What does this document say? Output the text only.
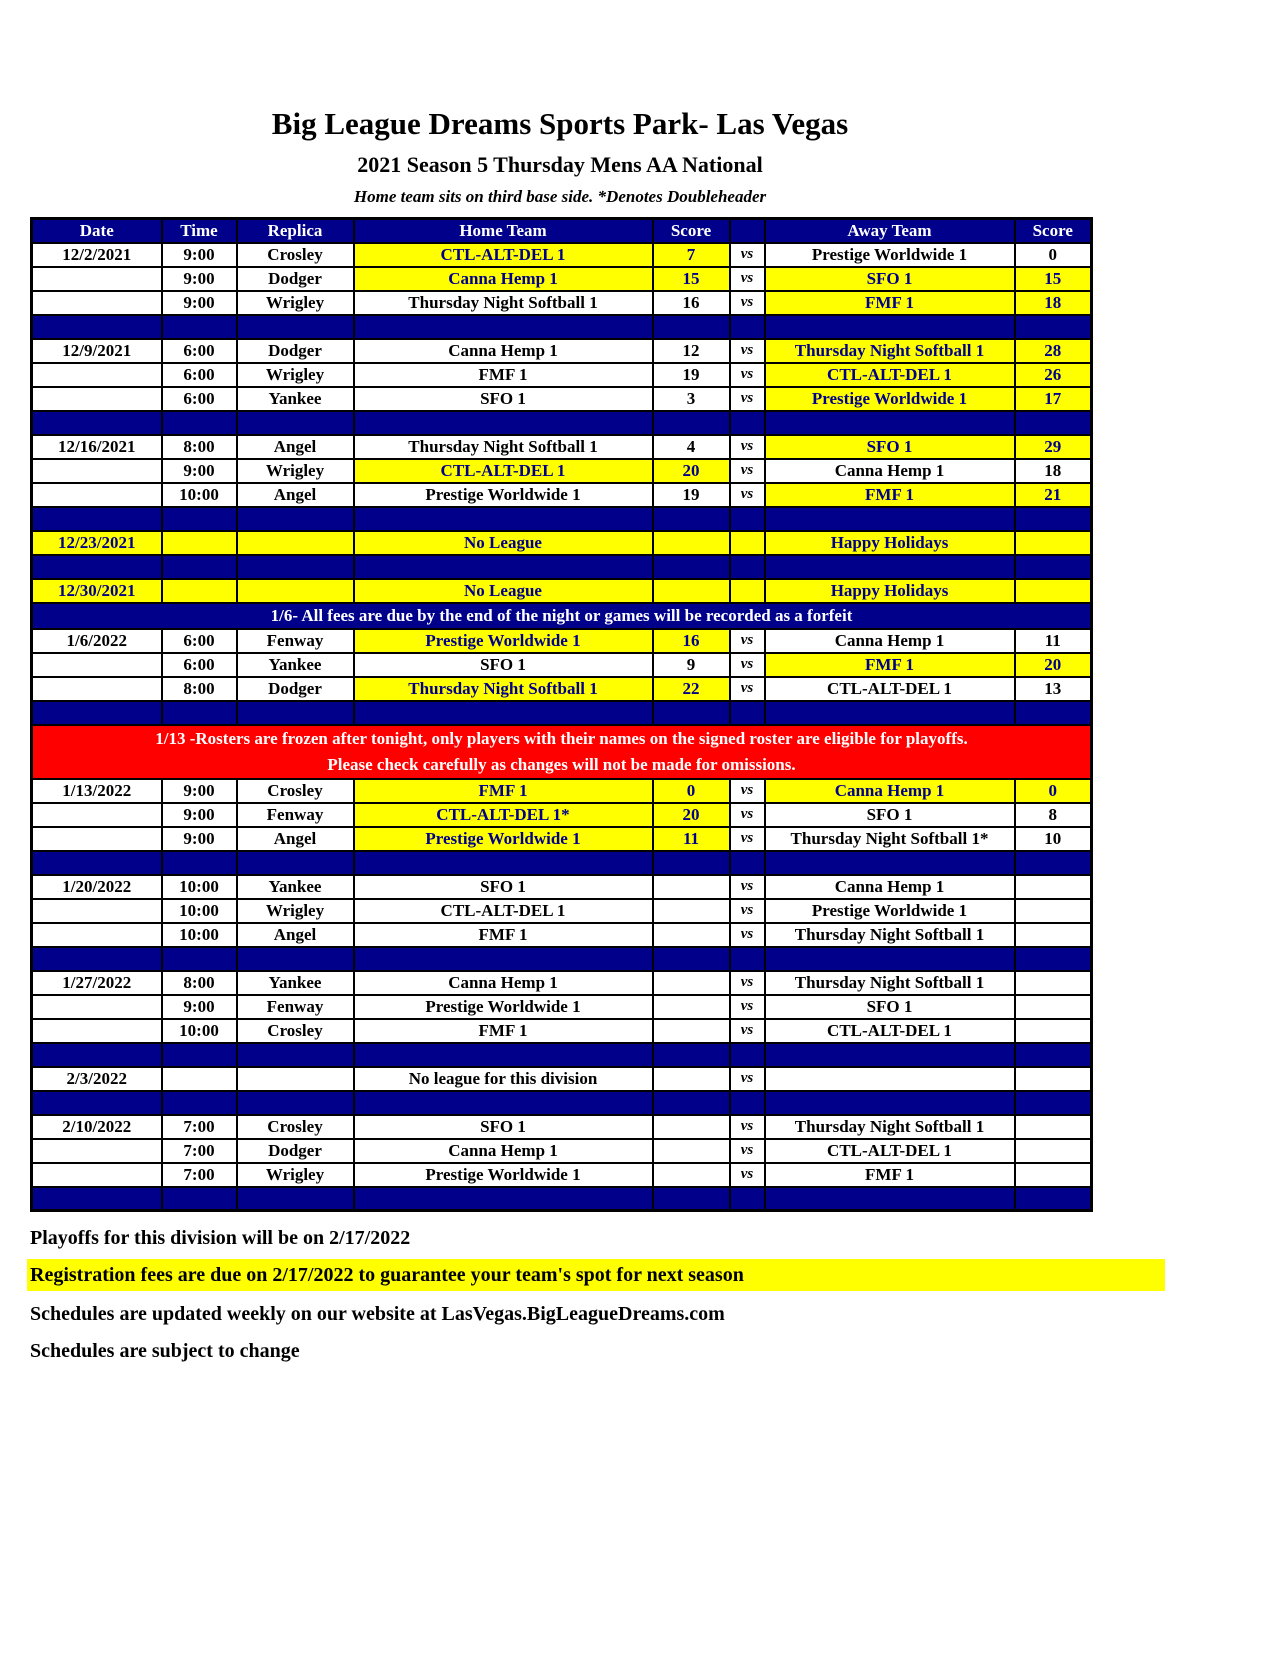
Big League Dreams Sports Park- Las Vegas
2021 Season 5 Thursday Mens AA National
Home team sits on third base side. *Denotes Doubleheader
Date	Time	Replica	Home Team	Score		Away Team	Score
12/2/2021	9:00	Crosley	CTL-ALT-DEL 1	7	vs	Prestige Worldwide 1	0
	9:00	Dodger	Canna Hemp 1	15	vs	SFO 1	15
	9:00	Wrigley	Thursday Night Softball 1	16	vs	FMF 1	18

12/9/2021	6:00	Dodger	Canna Hemp 1	12	vs	Thursday Night Softball 1	28
	6:00	Wrigley	FMF 1	19	vs	CTL-ALT-DEL 1	26
	6:00	Yankee	SFO 1	3	vs	Prestige Worldwide 1	17

12/16/2021	8:00	Angel	Thursday Night Softball 1	4	vs	SFO 1	29
	9:00	Wrigley	CTL-ALT-DEL 1	20	vs	Canna Hemp 1	18
	10:00	Angel	Prestige Worldwide 1	19	vs	FMF 1	21

12/23/2021			No League			Happy Holidays	

12/30/2021			No League			Happy Holidays	

1/6- All fees are due by the end of the night or games will be recorded as a forfeit							

1/6/2022	6:00	Fenway	Prestige Worldwide 1	16	vs	Canna Hemp 1	11
	6:00	Yankee	SFO 1	9	vs	FMF 1	20
	8:00	Dodger	Thursday Night Softball 1	22	vs	CTL-ALT-DEL 1	13

1/13 -Rosters are frozen after tonight, only players with their names on the signed roster are eligible for playoffs.
Please check carefully as changes will not be made for omissions.							

1/13/2022	9:00	Crosley	FMF 1	0	vs	Canna Hemp 1	0
	9:00	Fenway	CTL-ALT-DEL 1*	20	vs	SFO 1	8
	9:00	Angel	Prestige Worldwide 1	11	vs	Thursday Night Softball 1*	10

1/20/2022	10:00	Yankee	SFO 1		vs	Canna Hemp 1	
	10:00	Wrigley	CTL-ALT-DEL 1		vs	Prestige Worldwide 1	
	10:00	Angel	FMF 1		vs	Thursday Night Softball 1	

1/27/2022	8:00	Yankee	Canna Hemp 1		vs	Thursday Night Softball 1	
	9:00	Fenway	Prestige Worldwide 1		vs	SFO 1	
	10:00	Crosley	FMF 1		vs	CTL-ALT-DEL 1	

2/3/2022			No league for this division		vs		

2/10/2022	7:00	Crosley	SFO 1		vs	Thursday Night Softball 1	
	7:00	Dodger	Canna Hemp 1		vs	CTL-ALT-DEL 1	
	7:00	Wrigley	Prestige Worldwide 1		vs	FMF 1	

Playoffs for this division will be on 2/17/2022
Registration fees are due on 2/17/2022 to guarantee your team's spot for next season
Schedules are updated weekly on our website at LasVegas.BigLeagueDreams.com
Schedules are subject to change
